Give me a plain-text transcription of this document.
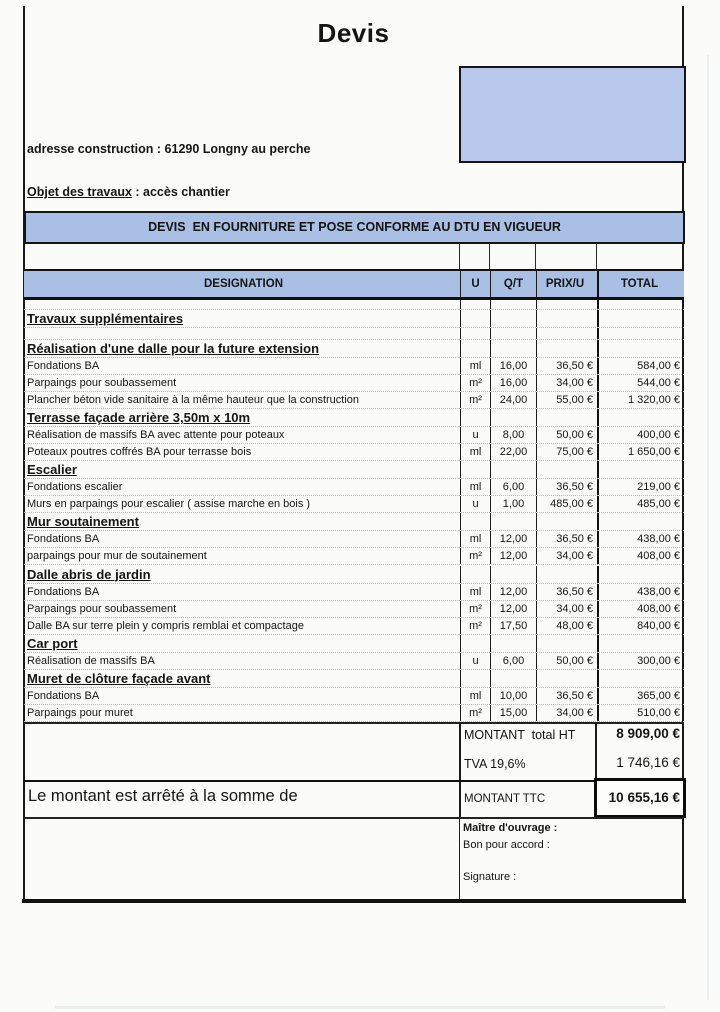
Devis
adresse construction : 61290 Longny au perche
Objet des travaux : accès chantier
DEVIS  EN FOURNITURE ET POSE CONFORME AU DTU EN VIGUEUR
DESIGNATION	U	Q/T	PRIX/U	TOTAL
Travaux supplémentaires
Réalisation d'une dalle pour la future extension
Fondations BA	ml	16,00	36,50 €	584,00 €
Parpaings pour soubassement	m²	16,00	34,00 €	544,00 €
Plancher béton vide sanitaire à la même hauteur que la construction	m²	24,00	55,00 €	1 320,00 €
Terrasse façade arrière 3,50m x 10m
Réalisation de massifs BA avec attente pour poteaux	u	8,00	50,00 €	400,00 €
Poteaux poutres coffrés BA pour terrasse bois	ml	22,00	75,00 €	1 650,00 €
Escalier
Fondations escalier	ml	6,00	36,50 €	219,00 €
Murs en parpaings pour escalier ( assise marche en bois )	u	1,00	485,00 €	485,00 €
Mur soutainement
Fondations BA	ml	12,00	36,50 €	438,00 €
parpaings pour mur de soutainement	m²	12,00	34,00 €	408,00 €
Dalle abris de jardin
Fondations BA	ml	12,00	36,50 €	438,00 €
Parpaings pour soubassement	m²	12,00	34,00 €	408,00 €
Dalle BA sur terre plein y compris remblai et compactage	m²	17,50	48,00 €	840,00 €
Car port
Réalisation de massifs BA	u	6,00	50,00 €	300,00 €
Muret de clôture façade avant
Fondations BA	ml	10,00	36,50 €	365,00 €
Parpaings pour muret	m²	15,00	34,00 €	510,00 €
MONTANT  total HT	8 909,00 €
TVA 19,6%	1 746,16 €
Le montant est arrêté à la somme de	MONTANT TTC	10 655,16 €
Maître d'ouvrage :
Bon pour accord :
Signature :
